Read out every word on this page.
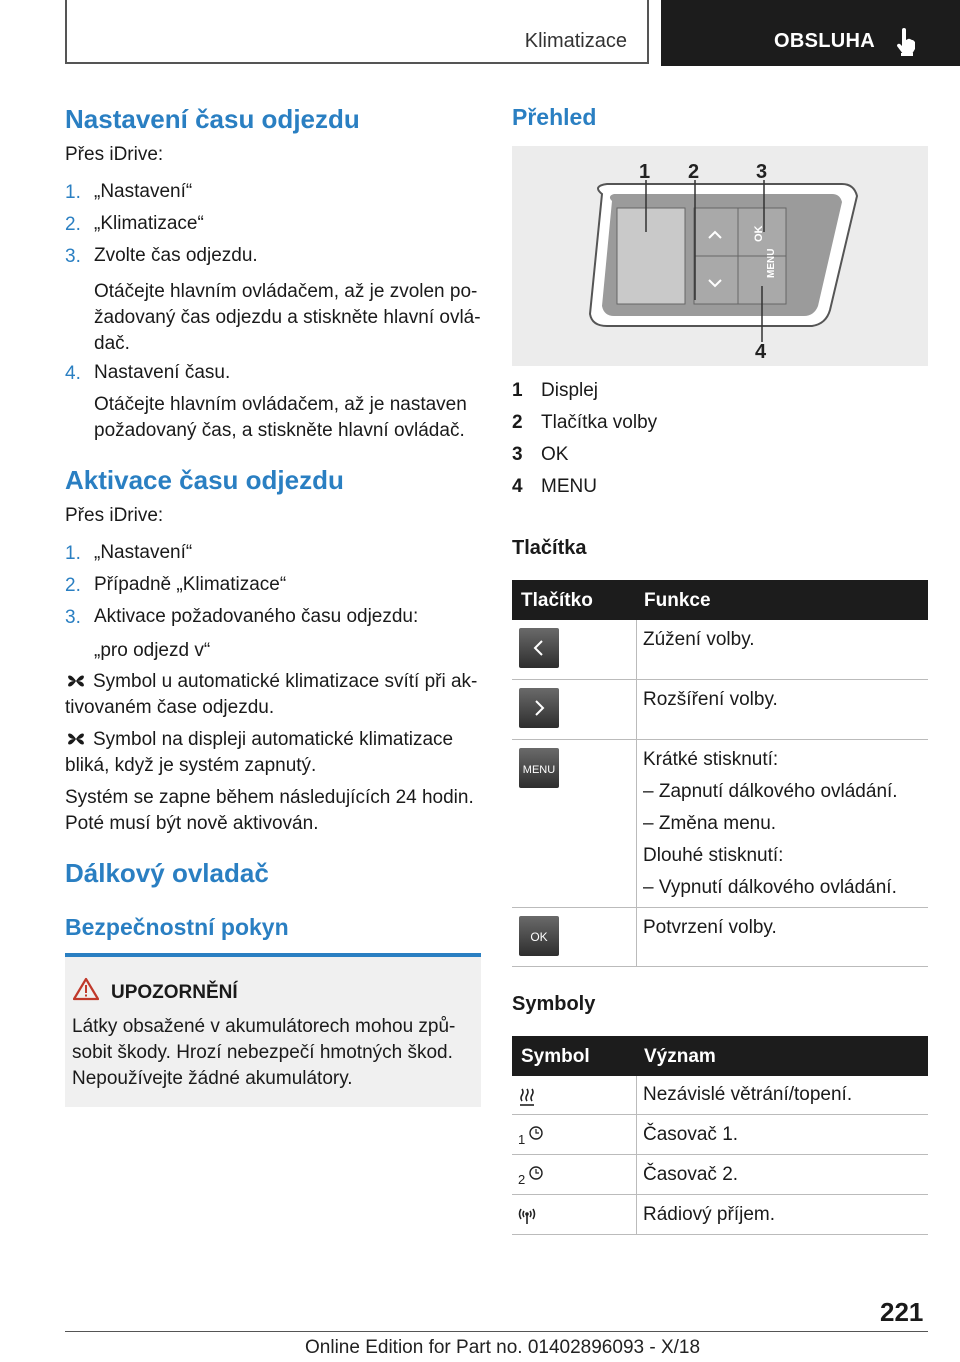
Klimatizace	OBSLUHA
Nastavení času odjezdu
Přes iDrive:
1. „Nastavení“
2. „Klimatizace“
3. Zvolte čas odjezdu.
Otáčejte hlavním ovládačem, až je zvolen po-
žadovaný čas odjezdu a stiskněte hlavní ovlá-
dač.
4. Nastavení času.
Otáčejte hlavním ovládačem, až je nastaven
požadovaný čas, a stiskněte hlavní ovládač.
Aktivace času odjezdu
Přes iDrive:
1. „Nastavení“
2. Případně „Klimatizace“
3. Aktivace požadovaného času odjezdu:
„pro odjezd v“
Symbol u automatické klimatizace svítí při ak-
tivovaném čase odjezdu.
Symbol na displeji automatické klimatizace
bliká, když je systém zapnutý.
Systém se zapne během následujících 24 hodin.
Poté musí být nově aktivován.
Dálkový ovladač
Bezpečnostní pokyn
UPOZORNĚNÍ
Látky obsažené v akumulátorech mohou způ-
sobit škody. Hrozí nebezpečí hmotných škod.
Nepoužívejte žádné akumulátory.
Přehled
OK
MENU
1 2	3
4
1 Displej
2 Tlačítka volby
3 OK
4 MENU
Tlačítka
Tlačítko	Funkce
Zúžení volby.
Rozšíření volby.
MENU	Krátké stisknutí:
– Zapnutí dálkového ovládání.
– Změna menu.
Dlouhé stisknutí:
– Vypnutí dálkového ovládání.
OK	Potvrzení volby.
Symboly
Symbol	Význam
Nezávislé větrání/topení.
1	Časovač 1.
2	Časovač 2.
Rádiový příjem.
221
Online Edition for Part no. 01402896093 - X/18
